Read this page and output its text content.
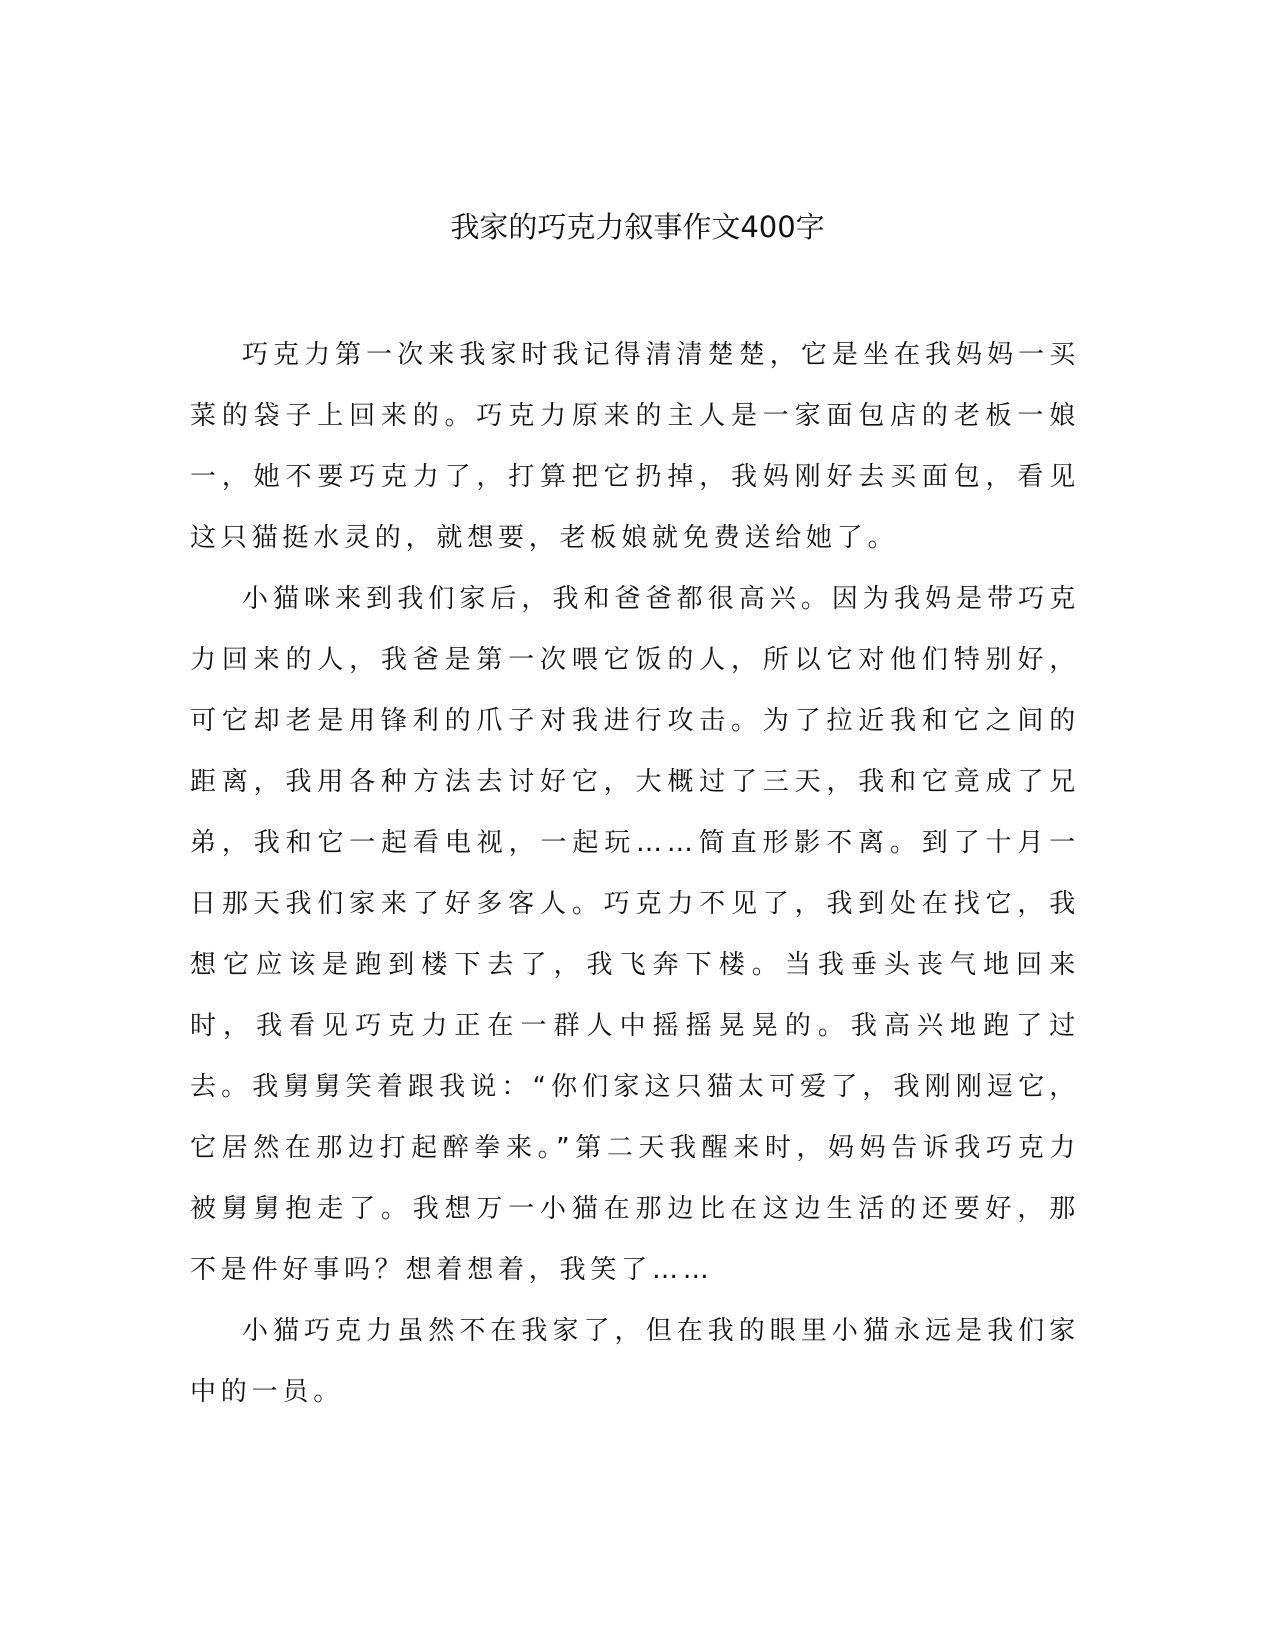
我家的巧克力叙事作文400字

巧克力第一次来我家时我记得清清楚楚，它是坐在我妈妈一买菜的袋子上回来的。巧克力原来的主人是一家面包店的老板一娘一，她不要巧克力了，打算把它扔掉，我妈刚好去买面包，看见这只猫挺水灵的，就想要，老板娘就免费送给她了。

小猫咪来到我们家后，我和爸爸都很高兴。因为我妈是带巧克力回来的人，我爸是第一次喂它饭的人，所以它对他们特别好，可它却老是用锋利的爪子对我进行攻击。为了拉近我和它之间的距离，我用各种方法去讨好它，大概过了三天，我和它竟成了兄弟，我和它一起看电视，一起玩……简直形影不离。到了十月一日那天我们家来了好多客人。巧克力不见了，我到处在找它，我想它应该是跑到楼下去了，我飞奔下楼。当我垂头丧气地回来时，我看见巧克力正在一群人中摇摇晃晃的。我高兴地跑了过去。我舅舅笑着跟我说：“你们家这只猫太可爱了，我刚刚逗它，它居然在那边打起醉拳来。”第二天我醒来时，妈妈告诉我巧克力被舅舅抱走了。我想万一小猫在那边比在这边生活的还要好，那不是件好事吗？想着想着，我笑了……

小猫巧克力虽然不在我家了，但在我的眼里小猫永远是我们家中的一员。
